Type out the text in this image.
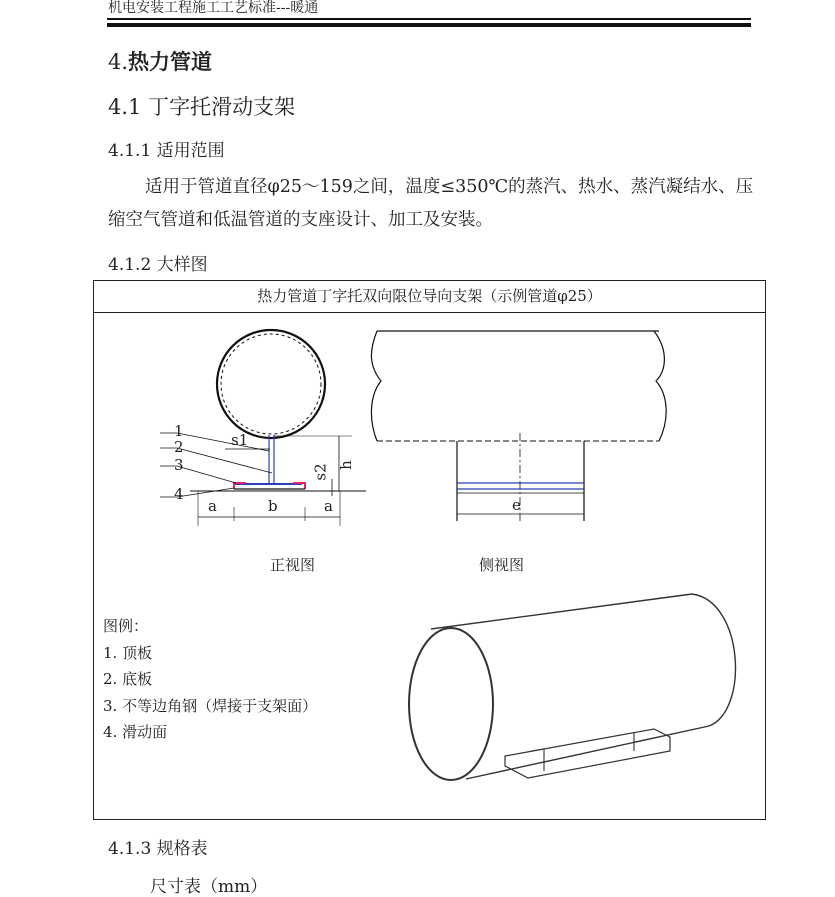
机电安装工程施工工艺标准---暖通
4.热力管道
4.1 丁字托滑动支架
4.1.1 适用范围
适用于管道直径φ25～159之间，温度≤350℃的蒸汽、热水、蒸汽凝结水、压缩空气管道和低温管道的支座设计、加工及安装。
4.1.2 大样图
热力管道丁字托双向限位导向支架（示例管道φ25）
1
2
3
4
s1
h
s2
a	b	a	e
正视图	侧视图
图例：
1. 顶板
2. 底板
3. 不等边角钢（焊接于支架面）
4. 滑动面
4.1.3 规格表
尺寸表（mm）
